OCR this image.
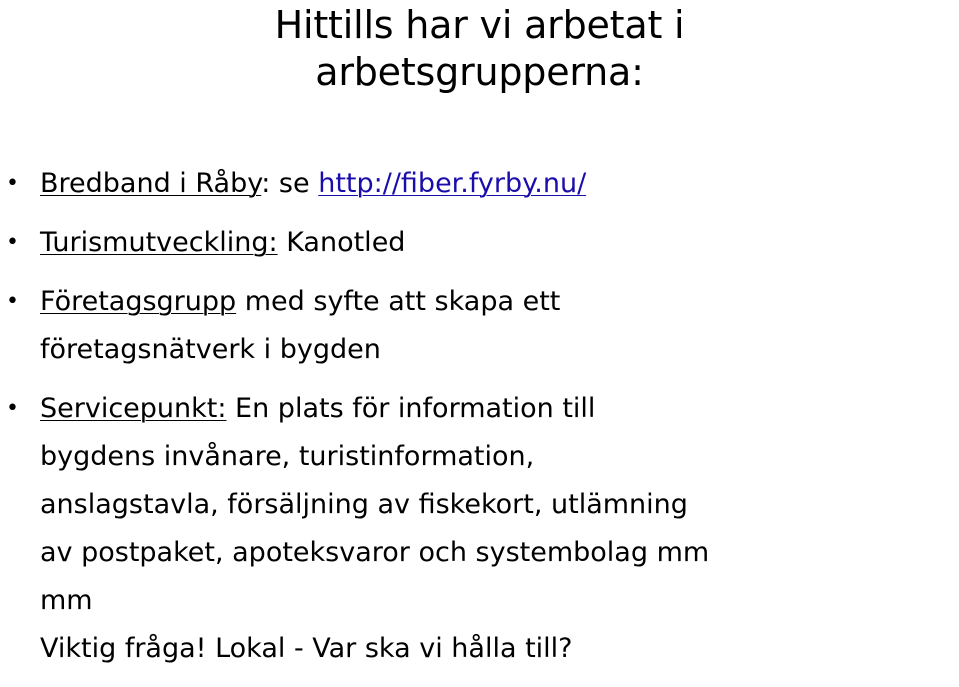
Hittills har vi arbetat i
arbetsgrupperna:
• Bredband i Råby: se http://fiber.fyrby.nu/
• Turismutveckling: Kanotled
• Företagsgrupp med syfte att skapa ett
företagsnätverk i bygden
• Servicepunkt: En plats för information till
bygdens invånare, turistinformation,
anslagstavla, försäljning av fiskekort, utlämning
av postpaket, apoteksvaror och systembolag mm
mm
Viktig fråga! Lokal - Var ska vi hålla till?
